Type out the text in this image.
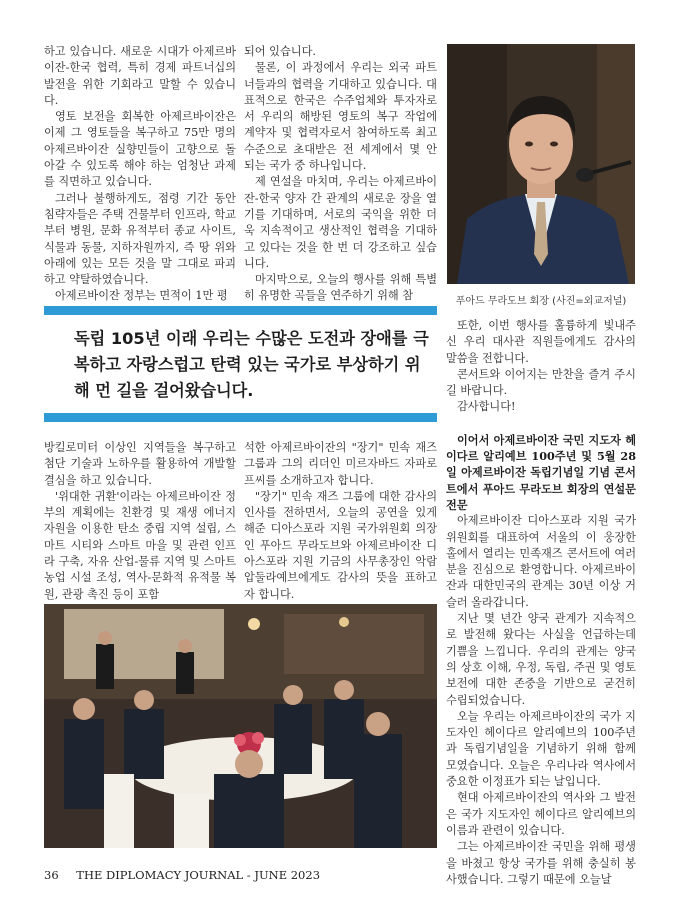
하고 있습니다. 새로운 시대가 아제르바이잔-한국 협력, 특히 경제 파트너십의 발전을 위한 기회라고 말할 수 있습니다.

영토 보전을 회복한 아제르바이잔은 이제 그 영토들을 복구하고 75만 명의 아제르바이잔 실향민들이 고향으로 돌아갈 수 있도록 해야 하는 엄청난 과제를 직면하고 있습니다.

그러나 불행하게도, 점령 기간 동안 침략자들은 주택 건물부터 인프라, 학교부터 병원, 문화 유적부터 종교 사이트, 식물과 동물, 지하자원까지, 즉 땅 위와 아래에 있는 모든 것을 말 그대로 파괴하고 약탈하였습니다.

아제르바이잔 정부는 면적이 1만 평

되어 있습니다.

물론, 이 과정에서 우리는 외국 파트너들과의 협력을 기대하고 있습니다. 대표적으로 한국은 수주업체와 투자자로서 우리의 해방된 영토의 복구 작업에 계약자 및 협력자로서 참여하도록 최고 수준으로 초대받은 전 세계에서 몇 안 되는 국가 중 하나입니다.

제 연설을 마치며, 우리는 아제르바이잔-한국 양자 간 관계의 새로운 장을 열기를 기대하며, 서로의 국익을 위한 더욱 지속적이고 생산적인 협력을 기대하고 있다는 것을 한 번 더 강조하고 싶습니다.

마지막으로, 오늘의 행사를 위해 특별히 유명한 곡들을 연주하기 위해 참	푸아드 무라도브 회장 (사진=외교저널)
독립 105년 이래 우리는 수많은 도전과 장애를 극복하고 자랑스럽고 탄력 있는 국가로 부상하기 위해 먼 길을 걸어왔습니다.

방킬로미터 이상인 지역들을 복구하고 첨단 기술과 노하우를 활용하여 개발할 결심을 하고 있습니다.

'위대한 귀환'이라는 아제르바이잔 정부의 계획에는 친환경 및 재생 에너지 자원을 이용한 탄소 중립 지역 설립, 스마트 시티와 스마트 마을 및 관련 인프라 구축, 자유 산업-물류 지역 및 스마트 농업 시설 조성, 역사-문화적 유적물 복원, 관광 촉진 등이 포함

석한 아제르바이잔의 "장기" 민속 재즈 그룹과 그의 리더인 미르자바드 자파로프씨를 소개하고자 합니다.

"장기" 민속 재즈 그룹에 대한 감사의 인사를 전하면서, 오늘의 공연을 있게 해준 디아스포라 지원 국가위원회 의장인 푸아드 무라도브와 아제르바이잔 디아스포라 지원 기금의 사무총장인 악람 압둘라예브에게도 감사의 뜻을 표하고자 합니다.

또한, 이번 행사를 훌륭하게 빛내주신 우리 대사관 직원들에게도 감사의 말씀을 전합니다.

콘서트와 이어지는 만찬을 즐겨 주시길 바랍니다.

감사합니다!

이어서 아제르바이잔 국민 지도자 헤이다르 알리예브 100주년 및 5월 28일 아제르바이잔 독립기념일 기념 콘서트에서 푸아드 무라도브 회장의 연설문 전문

아제르바이잔 디아스포라 지원 국가위원회를 대표하여 서울의 이 웅장한 홀에서 열리는 민족재즈 콘서트에 여러분을 진심으로 환영합니다. 아제르바이잔과 대한민국의 관계는 30년 이상 거슬러 올라갑니다.

지난 몇 년간 양국 관계가 지속적으로 발전해 왔다는 사실을 언급하는데 기쁨을 느낍니다. 우리의 관계는 양국의 상호 이해, 우정, 독립, 주권 및 영토 보전에 대한 존중을 기반으로 굳건히 수립되었습니다.

오늘 우리는 아제르바이잔의 국가 지도자인 헤이다르 알리예브의 100주년과 독립기념일을 기념하기 위해 함께 모였습니다. 오늘은 우리나라 역사에서 중요한 이정표가 되는 날입니다.

현대 아제르바이잔의 역사와 그 발전은 국가 지도자인 헤이다르 알리예브의 이름과 관련이 있습니다.

그는 아제르바이잔 국민을 위해 평생을 바쳤고 항상 국가를 위해 충실히 봉사했습니다. 그렇기 때문에 오늘날

36 THE DIPLOMACY JOURNAL - JUNE 2023
